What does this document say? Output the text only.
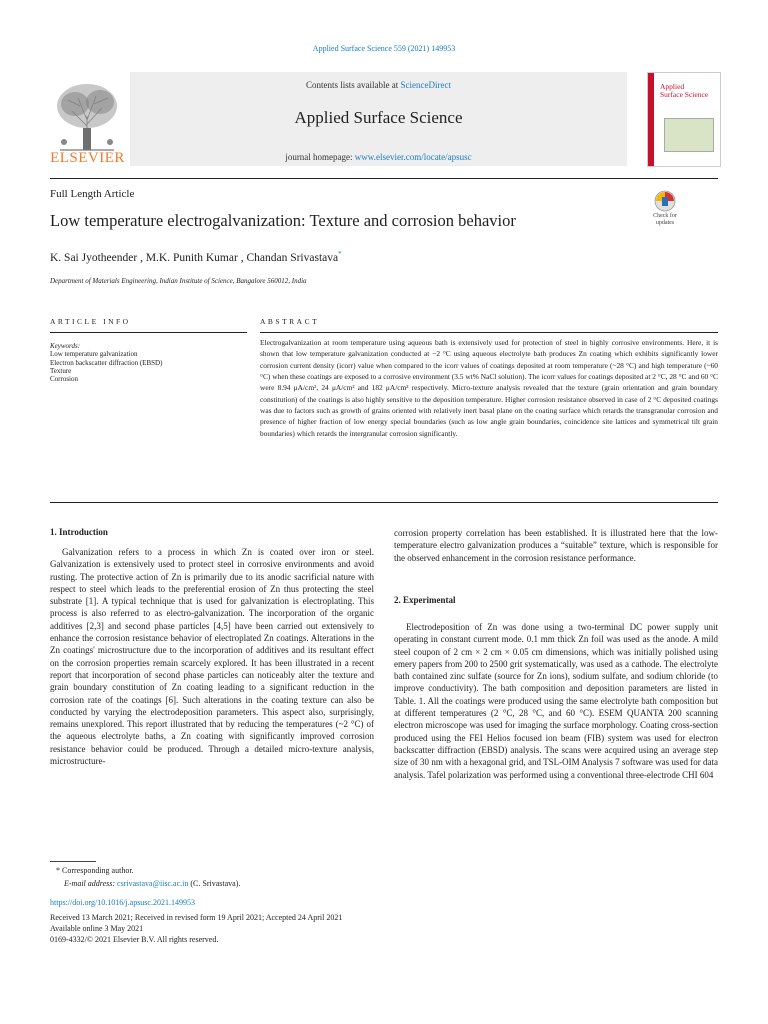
Applied Surface Science 559 (2021) 149953
ELSEVIER
Contents lists available at ScienceDirect
Applied Surface Science
journal homepage: www.elsevier.com/locate/apsusc
Applied
Surface Science
Full Length Article
Low temperature electrogalvanization: Texture and corrosion behavior	Check for
updates
K. Sai Jyotheender , M.K. Punith Kumar , Chandan Srivastava*
Department of Materials Engineering, Indian Institute of Science, Bangalore 560012, India
ARTICLE INFO	ABSTRACT
Keywords:
Low temperature galvanization
Electron backscatter diffraction (EBSD)
Texture
Corrosion
Electrogalvanization at room temperature using aqueous bath is extensively used for protection of steel in highly corrosive environments. Here, it is shown that low temperature galvanization conducted at −2 °C using aqueous electrolyte bath produces Zn coating which exhibits significantly lower corrosion current density (icorr) value when compared to the icorr values of coatings deposited at room temperature (~28 °C) and high temperature (~60 °C) when these coatings are exposed to a corrosive environment (3.5 wt% NaCl solution). The icorr values for coatings deposited at 2 °C, 28 °C and 60 °C were 8.94 μA/cm², 24 μA/cm² and 182 μA/cm² respectively. Micro-texture analysis revealed that the texture (grain orientation and grain boundary constitution) of the coatings is also highly sensitive to the deposition temperature. Higher corrosion resistance observed in case of 2 °C deposited coatings was due to factors such as growth of grains oriented with relatively inert basal plane on the coating surface which retards the transgranular corrosion and presence of higher fraction of low energy special boundaries (such as low angle grain boundaries, coincidence site lattices and symmetrical tilt grain boundaries) which retards the intergranular corrosion significantly.
1. Introduction

Galvanization refers to a process in which Zn is coated over iron or steel. Galvanization is extensively used to protect steel in corrosive environments and avoid rusting. The protective action of Zn is primarily due to its anodic sacrificial nature with respect to steel which leads to the preferential erosion of Zn thus protecting the steel substrate [1]. A typical technique that is used for galvanization is electroplating. This process is also referred to as electro-galvanization. The incorporation of the organic additives [2,3] and second phase particles [4,5] have been carried out extensively to enhance the corrosion resistance behavior of electroplated Zn coatings. Alterations in the Zn coatings' microstructure due to the incorporation of additives and its resultant effect on the corrosion properties remain scarcely explored. It has been illustrated in a recent report that incorporation of second phase particles can noticeably alter the texture and grain boundary constitution of Zn coating leading to a significant reduction in the corrosion rate of the coatings [6]. Such alterations in the coating texture can also be conducted by varying the electrodeposition parameters. This aspect also, surprisingly, remains unexplored. This report illustrated that by reducing the temperatures (~2 °C) of the aqueous electrolyte baths, a Zn coating with significantly improved corrosion resistance behavior could be produced. Through a detailed micro-texture analysis, microstructure-

corrosion property correlation has been established. It is illustrated here that the low-temperature electro galvanization produces a “suitable” texture, which is responsible for the observed enhancement in the corrosion resistance performance.

2. Experimental

Electrodeposition of Zn was done using a two-terminal DC power supply unit operating in constant current mode. 0.1 mm thick Zn foil was used as the anode. A mild steel coupon of 2 cm × 2 cm × 0.05 cm dimensions, which was initially polished using emery papers from 200 to 2500 grit systematically, was used as a cathode. The electrolyte bath contained zinc sulfate (source for Zn ions), sodium sulfate, and sodium chloride (to improve conductivity). The bath composition and deposition parameters are listed in Table. 1. All the coatings were produced using the same electrolyte bath composition but at different temperatures (2 °C, 28 °C, and 60 °C). ESEM QUANTA 200 scanning electron microscope was used for imaging the surface morphology. Coating cross-section produced using the FEI Helios focused ion beam (FIB) system was used for electron backscatter diffraction (EBSD) analysis. The scans were acquired using an average step size of 30 nm with a hexagonal grid, and TSL-OIM Analysis 7 software was used for data analysis. Tafel polarization was performed using a conventional three-electrode CHI 604

* Corresponding author.
E-mail address: csrivastava@iisc.ac.in (C. Srivastava).
https://doi.org/10.1016/j.apsusc.2021.149953
Received 13 March 2021; Received in revised form 19 April 2021; Accepted 24 April 2021
Available online 3 May 2021
0169-4332/© 2021 Elsevier B.V. All rights reserved.
